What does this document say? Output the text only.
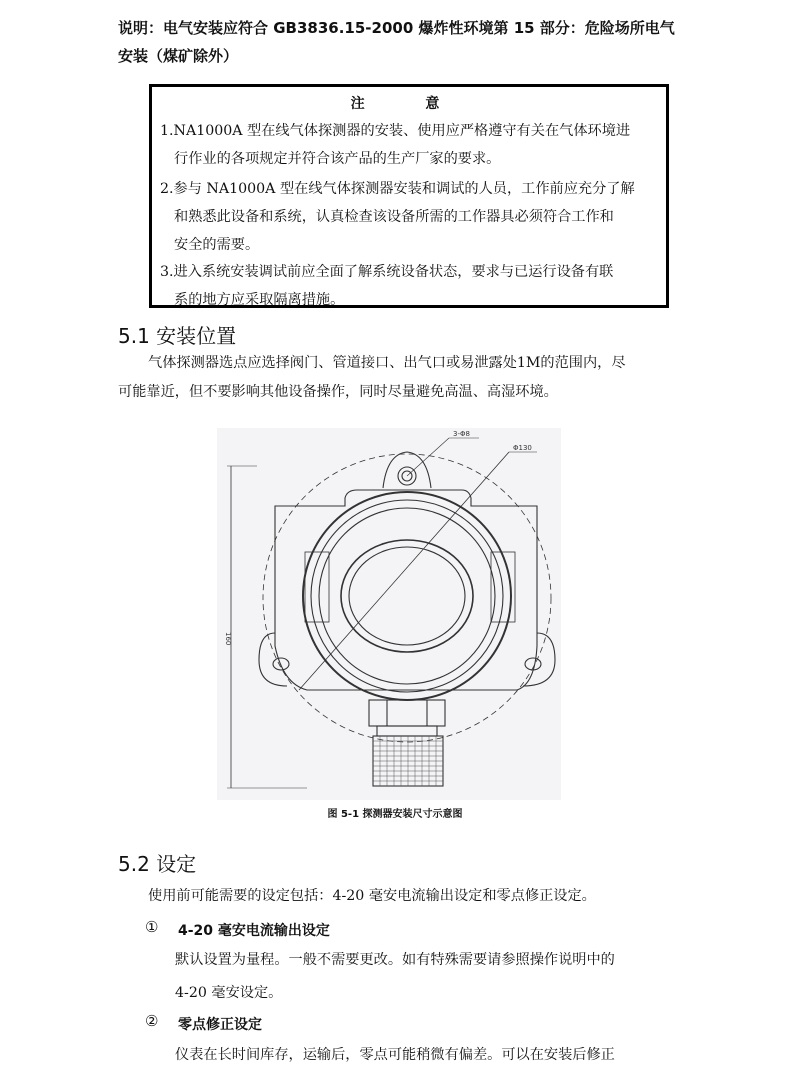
说明：电气安装应符合 GB3836.15-2000 爆炸性环境第 15 部分：危险场所电气
安装（煤矿除外）
注 意
1.NA1000A 型在线气体探测器的安装、使用应严格遵守有关在气体环境进
行作业的各项规定并符合该产品的生产厂家的要求。
2.参与 NA1000A 型在线气体探测器安装和调试的人员，工作前应充分了解
和熟悉此设备和系统，认真检查该设备所需的工作器具必须符合工作和
安全的需要。
3.进入系统安装调试前应全面了解系统设备状态，要求与已运行设备有联
系的地方应采取隔离措施。
5.1 安装位置
气体探测器选点应选择阀门、管道接口、出气口或易泄露处1M的范围内，尽
可能靠近，但不要影响其他设备操作，同时尽量避免高温、高湿环境。
3-Φ8
Φ130
160
图 5-1 探测器安装尺寸示意图
5.2 设定
使用前可能需要的设定包括：4-20 毫安电流输出设定和零点修正设定。
① 4-20 毫安电流输出设定
默认设置为量程。一般不需要更改。如有特殊需要请参照操作说明中的
4-20 毫安设定。
② 零点修正设定
仪表在长时间库存，运输后，零点可能稍微有偏差。可以在安装后修正
